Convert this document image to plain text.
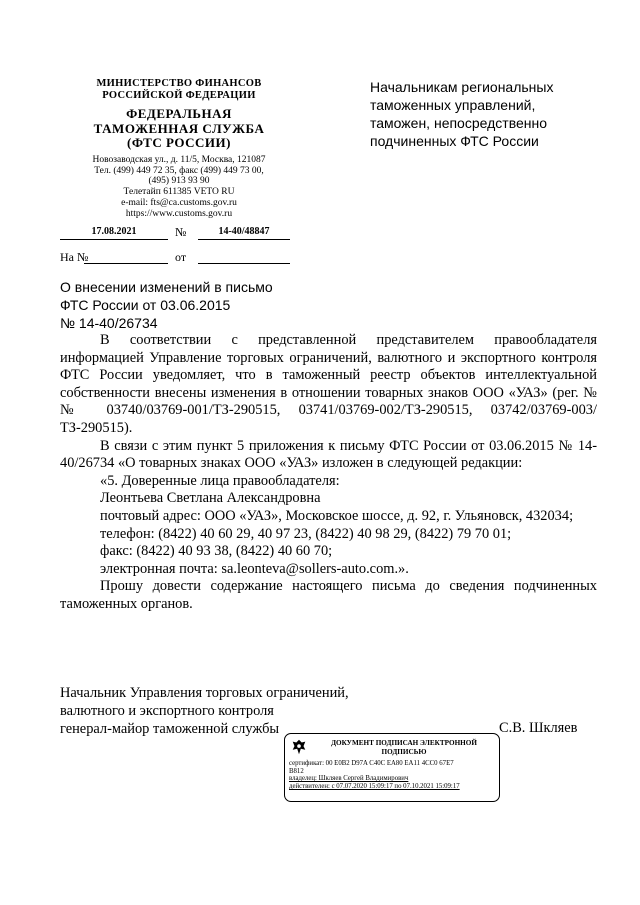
МИНИСТЕРСТВО ФИНАНСОВ
РОССИЙСКОЙ ФЕДЕРАЦИИ
ФЕДЕРАЛЬНАЯ
ТАМОЖЕННАЯ СЛУЖБА
(ФТС РОССИИ)
Новозаводская ул., д. 11/5, Москва, 121087
Тел. (499) 449 72 35, факс (499) 449 73 00,
(495) 913 93 90
Телетайп 611385 VETO RU
e-mail: fts@ca.customs.gov.ru
https://www.customs.gov.ru
Начальникам региональных
таможенных управлений,
таможен, непосредственно
подчиненных ФТС России
17.08.2021	№	14-40/48847
На №	от
О внесении изменений в письмо
ФТС России от 03.06.2015
№ 14-40/26734

В соответствии с представленной представителем правообладателя информацией Управление торговых ограничений, валютного и экспортного контроля ФТС России уведомляет, что в таможенный реестр объектов интеллектуальной собственности внесены изменения в отношении товарных знаков ООО «УАЗ» (рег. №№ 03740/03769-001/ТЗ-290515, 03741/03769-002/ТЗ-290515, 03742/03769-003/ТЗ-290515).

В связи с этим пункт 5 приложения к письму ФТС России от 03.06.2015 № 14-40/26734 «О товарных знаках ООО «УАЗ» изложен в следующей редакции:

«5. Доверенные лица правообладателя:

Леонтьева Светлана Александровна

почтовый адрес: ООО «УАЗ», Московское шоссе, д. 92, г. Ульяновск, 432034;

телефон: (8422) 40 60 29, 40 97 23, (8422) 40 98 29, (8422) 79 70 01;

факс: (8422) 40 93 38, (8422) 40 60 70;

электронная почта: sa.leonteva@sollers-auto.com.».

Прошу довести содержание настоящего письма до сведения подчиненных таможенных органов.

Начальник Управления торговых ограничений,
валютного и экспортного контроля
генерал-майор таможенной службы	С.В. Шкляев
ДОКУМЕНТ ПОДПИСАН ЭЛЕКТРОННОЙ
ПОДПИСЬЮ
сертификат: 00 E0B2 D97A C40C EA80 EA11 4CC0 67E7
B812
владелец: Шкляев Сергей Владимирович
действителен: с 07.07.2020 15:09:17 по 07.10.2021 15:09:17
